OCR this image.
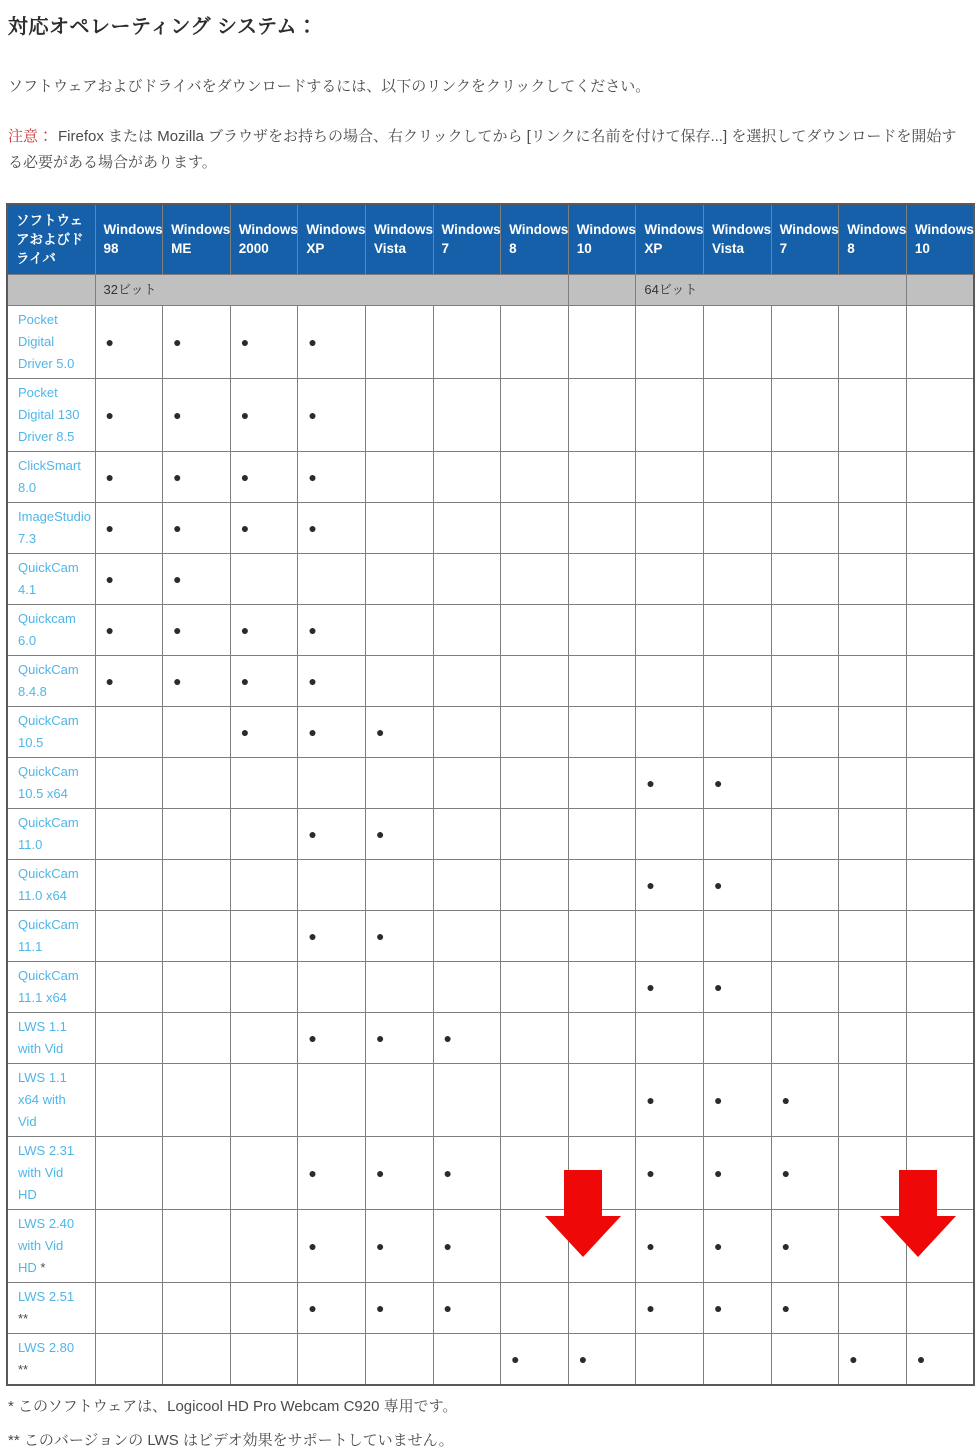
対応オペレーティング システム：

ソフトウェアおよびドライバをダウンロードするには、以下のリンクをクリックしてください。

注意： Firefox または Mozilla ブラウザをお持ちの場合、右クリックしてから [リンクに名前を付けて保存...] を選択してダウンロードを開始する必要がある場合があります。

ソフトウェアおよびドライバ	Windows 98	Windows ME	Windows 2000	Windows XP	Windows Vista	Windows 7	Windows 8	Windows 10	Windows XP	Windows Vista	Windows 7	Windows 8	Windows 10
	32ビット								64ビット				
Pocket Digital Driver 5.0	●	●	●	●									
Pocket Digital 130 Driver 8.5	●	●	●	●									
ClickSmart 8.0	●	●	●	●									
ImageStudio 7.3	●	●	●	●									
QuickCam 4.1	●	●											
Quickcam 6.0	●	●	●	●									
QuickCam 8.4.8	●	●	●	●									
QuickCam 10.5			●	●	●								
QuickCam 10.5 x64									●	●			
QuickCam 11.0				●	●								
QuickCam 11.0 x64									●	●			
QuickCam 11.1				●	●								
QuickCam 11.1 x64									●	●			
LWS 1.1 with Vid				●	●	●							
LWS 1.1 x64 with Vid									●	●	●		
LWS 2.31 with Vid HD				●	●	●			●	●	●		
LWS 2.40 with Vid HD *				●	●	●			●	●	●		
LWS 2.51 **				●	●	●			●	●	●		
LWS 2.80 **							●	●				●	●

* このソフトウェアは、Logicool HD Pro Webcam C920 専用です。

** このバージョンの LWS はビデオ効果をサポートしていません。
